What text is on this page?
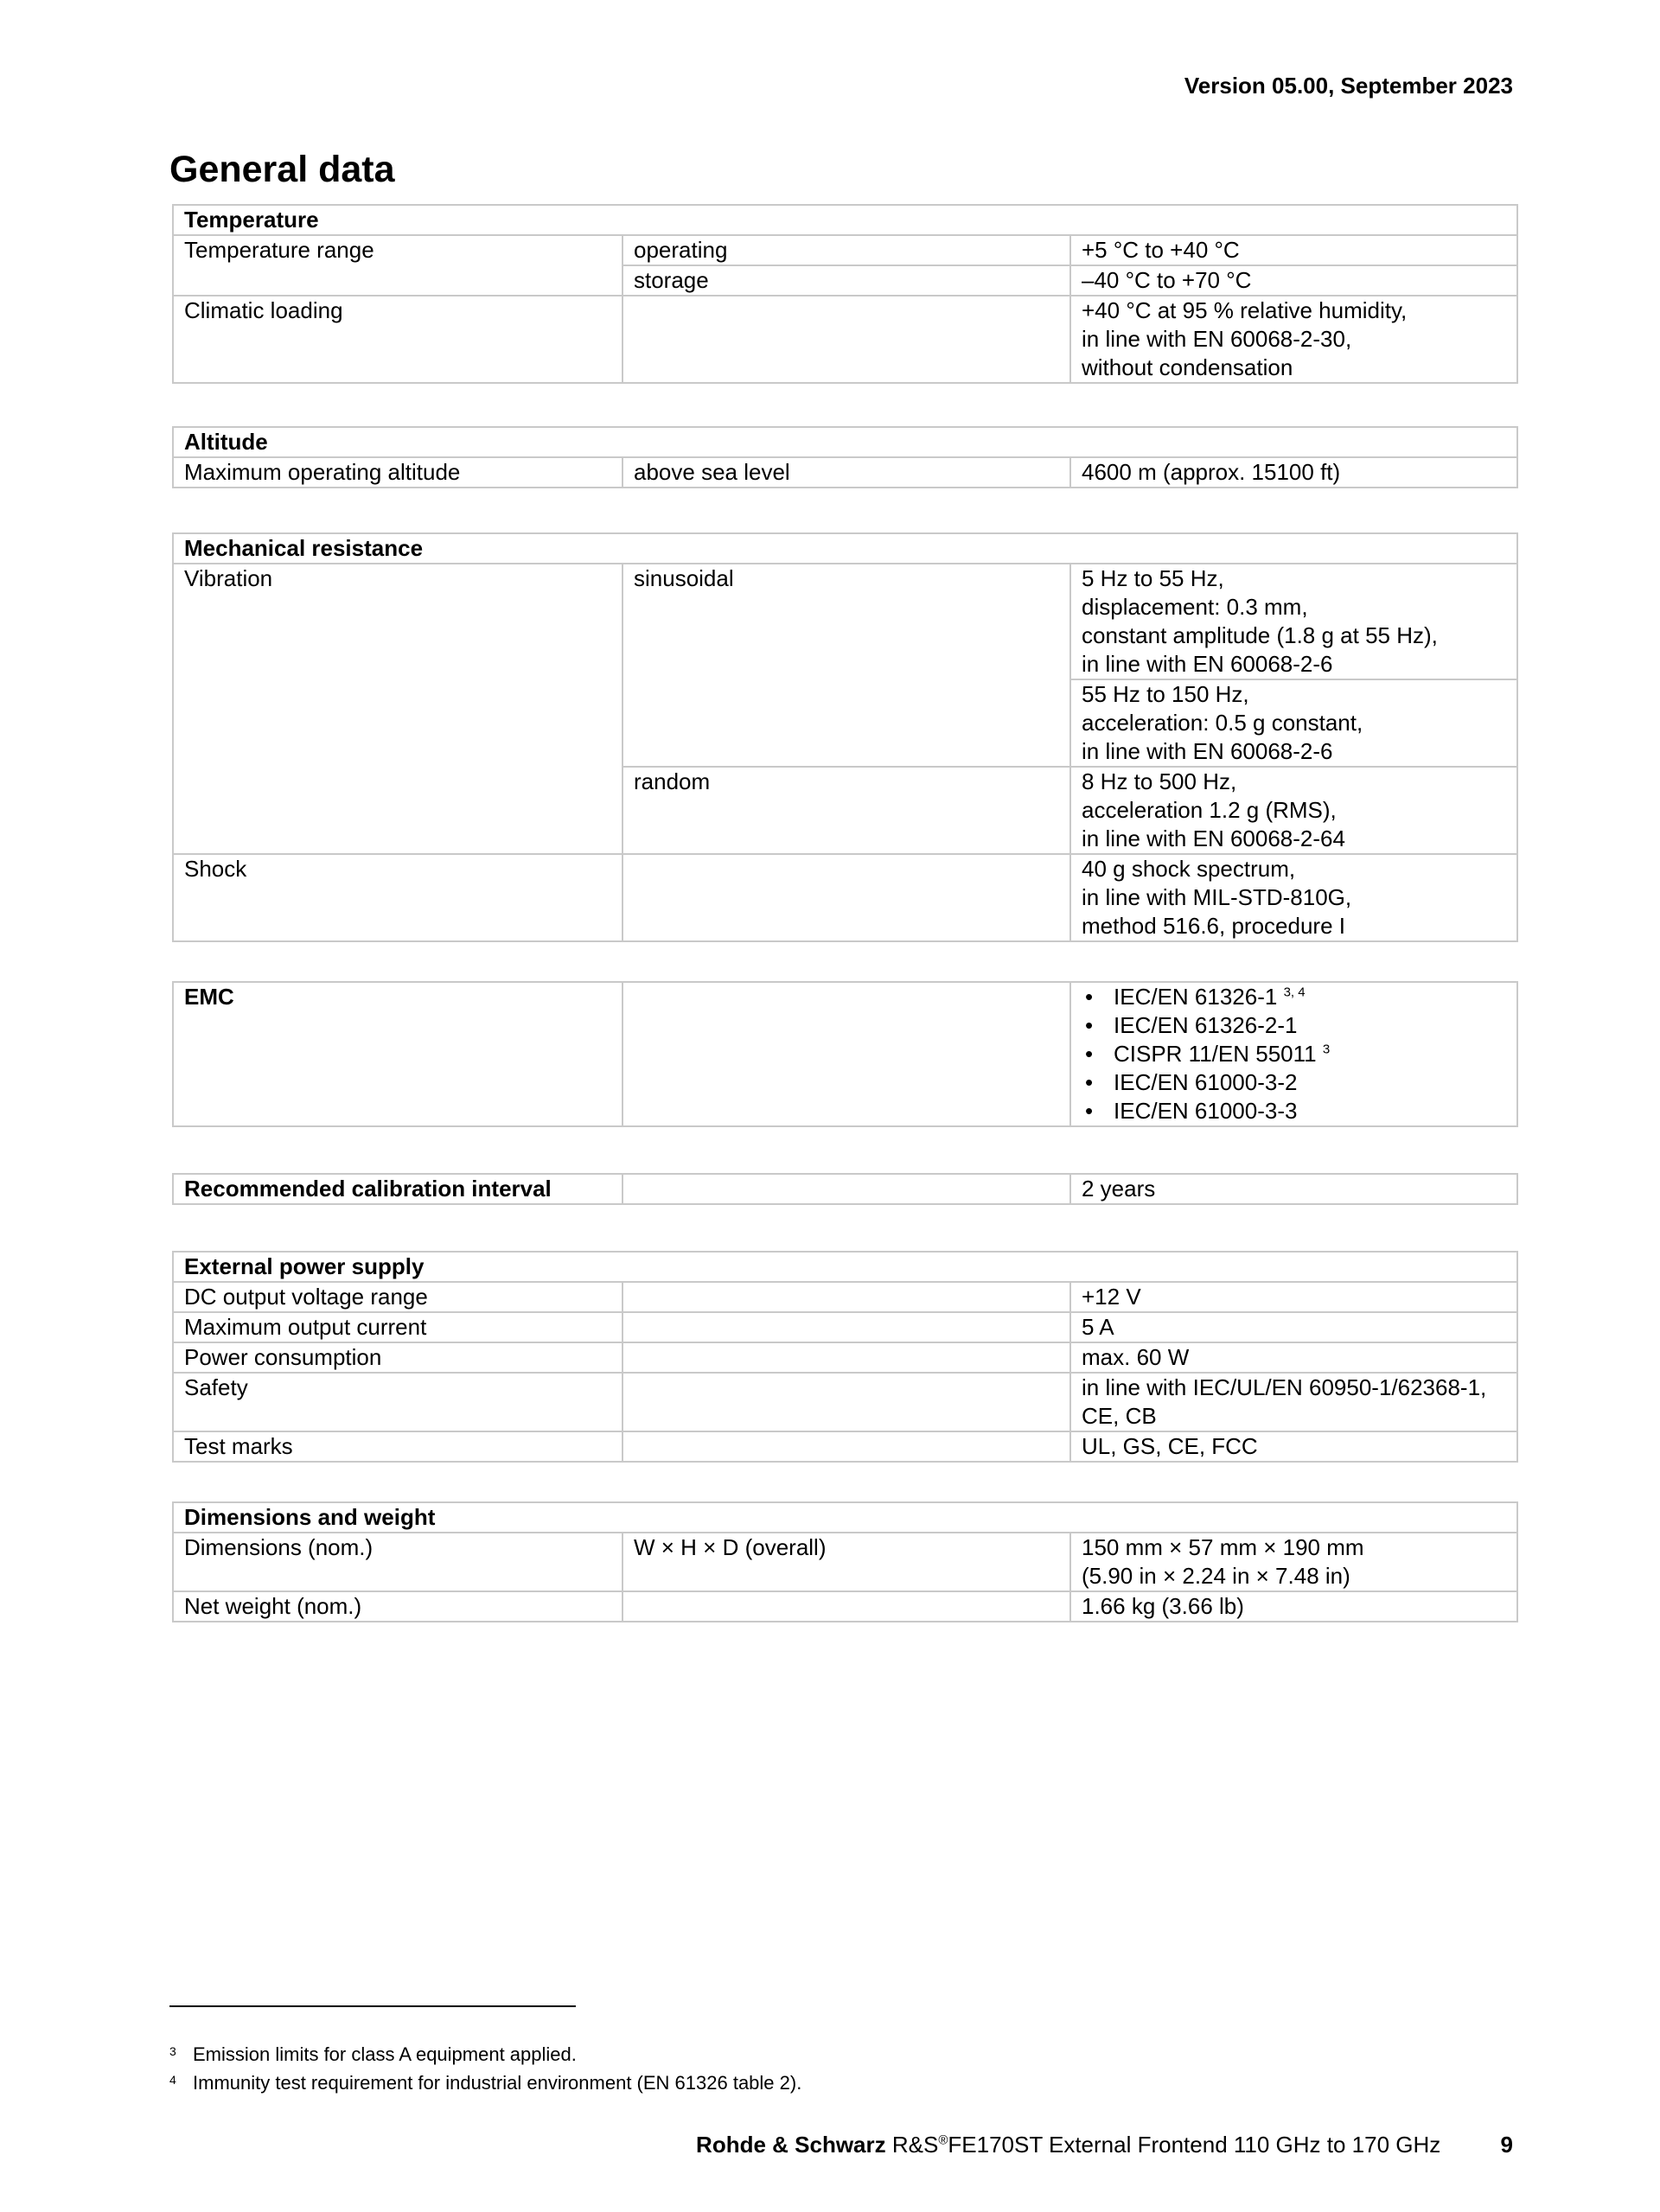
Version 05.00, September 2023
General data
Temperature		
Temperature range	operating	+5 °C to +40 °C
	storage	–40 °C to +70 °C
Climatic loading		+40 °C at 95 % relative humidity,
in line with EN 60068-2-30,
without condensation
Altitude
Maximum operating altitude	above sea level	4600 m (approx. 15100 ft)
Mechanical resistance		
Vibration	sinusoidal	5 Hz to 55 Hz,
displacement: 0.3 mm,
constant amplitude (1.8 g at 55 Hz),
in line with EN 60068-2-6

		55 Hz to 150 Hz,
acceleration: 0.5 g constant,
in line with EN 60068-2-6

	random	8 Hz to 500 Hz,
acceleration 1.2 g (RMS),
in line with EN 60068-2-64

Shock		40 g shock spectrum,
in line with MIL-STD-810G,
method 516.6, procedure I
EMC		
•IEC/EN 61326-1 $^{3, 4}$
• IEC/EN 61326-2-1
• CISPR 11/EN 55011 $^3$
• IEC/EN 61000-3-2
• IEC/EN 61000-3-3
Recommended calibration interval		2 years
External power supply		
DC output voltage range		+12 V
Maximum output current		5 A
Power consumption		max. 60 W
Safety		in line with IEC/UL/EN 60950-1/62368-1,
CE, CB

Test marks		UL, GS, CE, FCC
Dimensions and weight		
Dimensions (nom.)	W × H × D (overall)	150 mm × 57 mm × 190 mm
(5.90 in × 2.24 in × 7.48 in)

Net weight (nom.)		1.66 kg (3.66 lb)
3 Emission limits for class A equipment applied.
4 Immunity test requirement for industrial environment (EN 61326 table 2).
Rohde & Schwarz R&S®FE170ST External Frontend 110 GHz to 170 GHz	9
